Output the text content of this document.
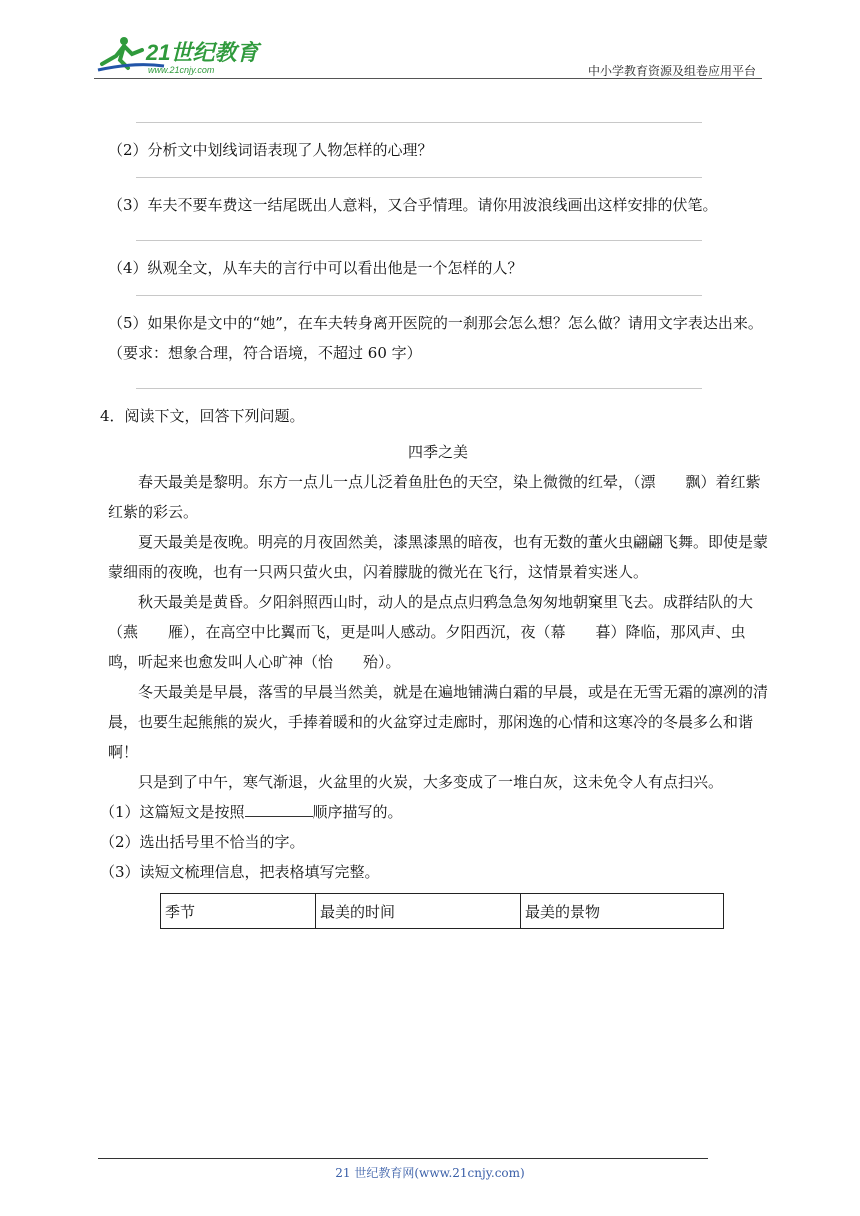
21世纪教育
www.21cnjy.com	中小学教育资源及组卷应用平台

（2）分析文中划线词语表现了人物怎样的心理？

（3）车夫不要车费这一结尾既出人意料，又合乎情理。请你用波浪线画出这样安排的伏笔。

（4）纵观全文，从车夫的言行中可以看出他是一个怎样的人？

（5）如果你是文中的“她”，在车夫转身离开医院的一刹那会怎么想？怎么做？请用文字表达出来。（要求：想象合理，符合语境，不超过 60 字）

4．阅读下文，回答下列问题。

四季之美

春天最美是黎明。东方一点儿一点儿泛着鱼肚色的天空，染上微微的红晕，（漂　　飘）着红紫红紫的彩云。

夏天最美是夜晚。明亮的月夜固然美，漆黑漆黑的暗夜，也有无数的董火虫翩翩飞舞。即使是蒙蒙细雨的夜晚，也有一只两只萤火虫，闪着朦胧的微光在飞行，这情景着实迷人。

秋天最美是黄昏。夕阳斜照西山时，动人的是点点归鸦急急匆匆地朝窠里飞去。成群结队的大（燕　　雁），在高空中比翼而飞，更是叫人感动。夕阳西沉，夜（幕　　暮）降临，那风声、虫鸣，听起来也愈发叫人心旷神（怡　　殆）。

冬天最美是早晨，落雪的早晨当然美，就是在遍地铺满白霜的早晨，或是在无雪无霜的凛冽的清晨，也要生起熊熊的炭火，手捧着暖和的火盆穿过走廊时，那闲逸的心情和这寒冷的冬晨多么和谐啊！

只是到了中午，寒气渐退，火盆里的火炭，大多变成了一堆白灰，这未免令人有点扫兴。

（1）这篇短文是按照	顺序描写的。

（2）选出括号里不恰当的字。

（3）读短文梳理信息，把表格填写完整。

季节	最美的时间	最美的景物
21 世纪教育网(www.21cnjy.com)
